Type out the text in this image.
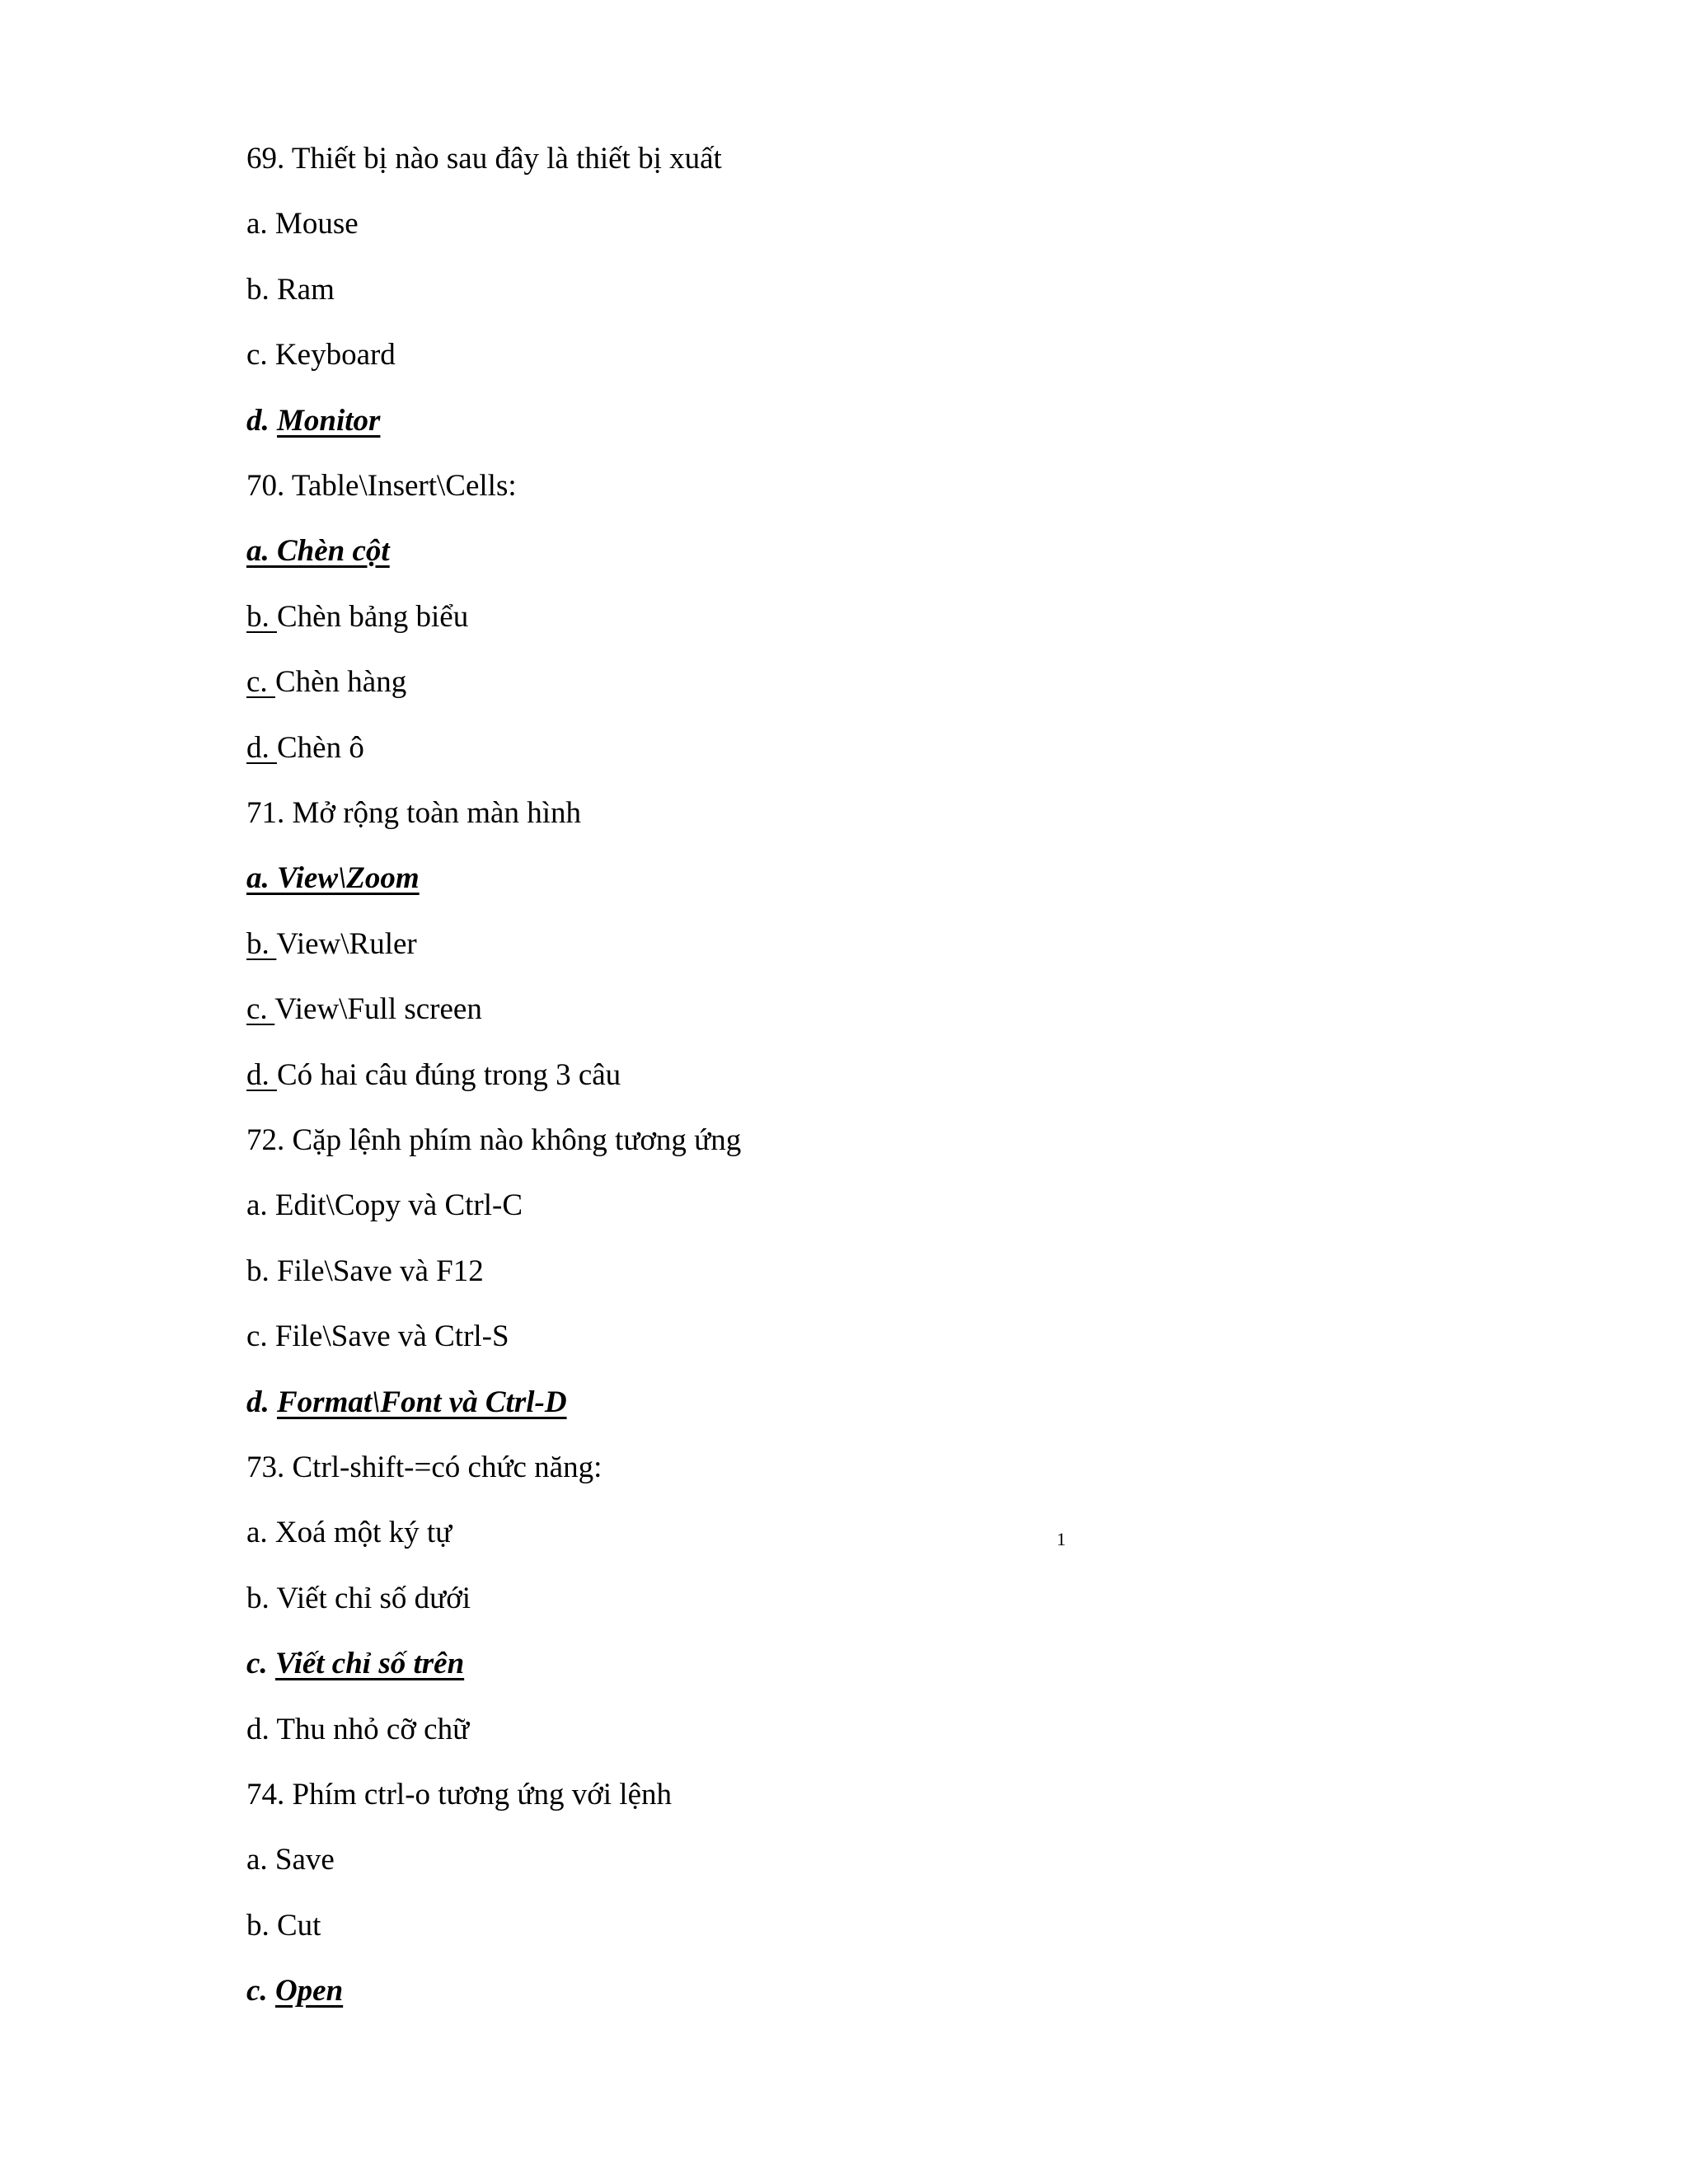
69. Thiết bị nào sau đây là thiết bị xuất
a. Mouse
b. Ram
c. Keyboard
d. Monitor
70. Table\Insert\Cells:
a. Chèn cột
b. Chèn bảng biểu
c. Chèn hàng
d. Chèn ô
71. Mở rộng toàn màn hình
a. View\Zoom
b. View\Ruler
c. View\Full screen
d. Có hai câu đúng trong 3 câu
72. Cặp lệnh phím nào không tương ứng
a. Edit\Copy và Ctrl-C
b. File\Save và F12
c. File\Save và Ctrl-S
d. Format\Font và Ctrl-D
73. Ctrl-shift-=có chức năng:
a. Xoá một ký tự
b. Viết chỉ số dưới
c. Viết chỉ số trên
d. Thu nhỏ cỡ chữ
74. Phím ctrl-o tương ứng với lệnh
a. Save
b. Cut
c. Open
1
